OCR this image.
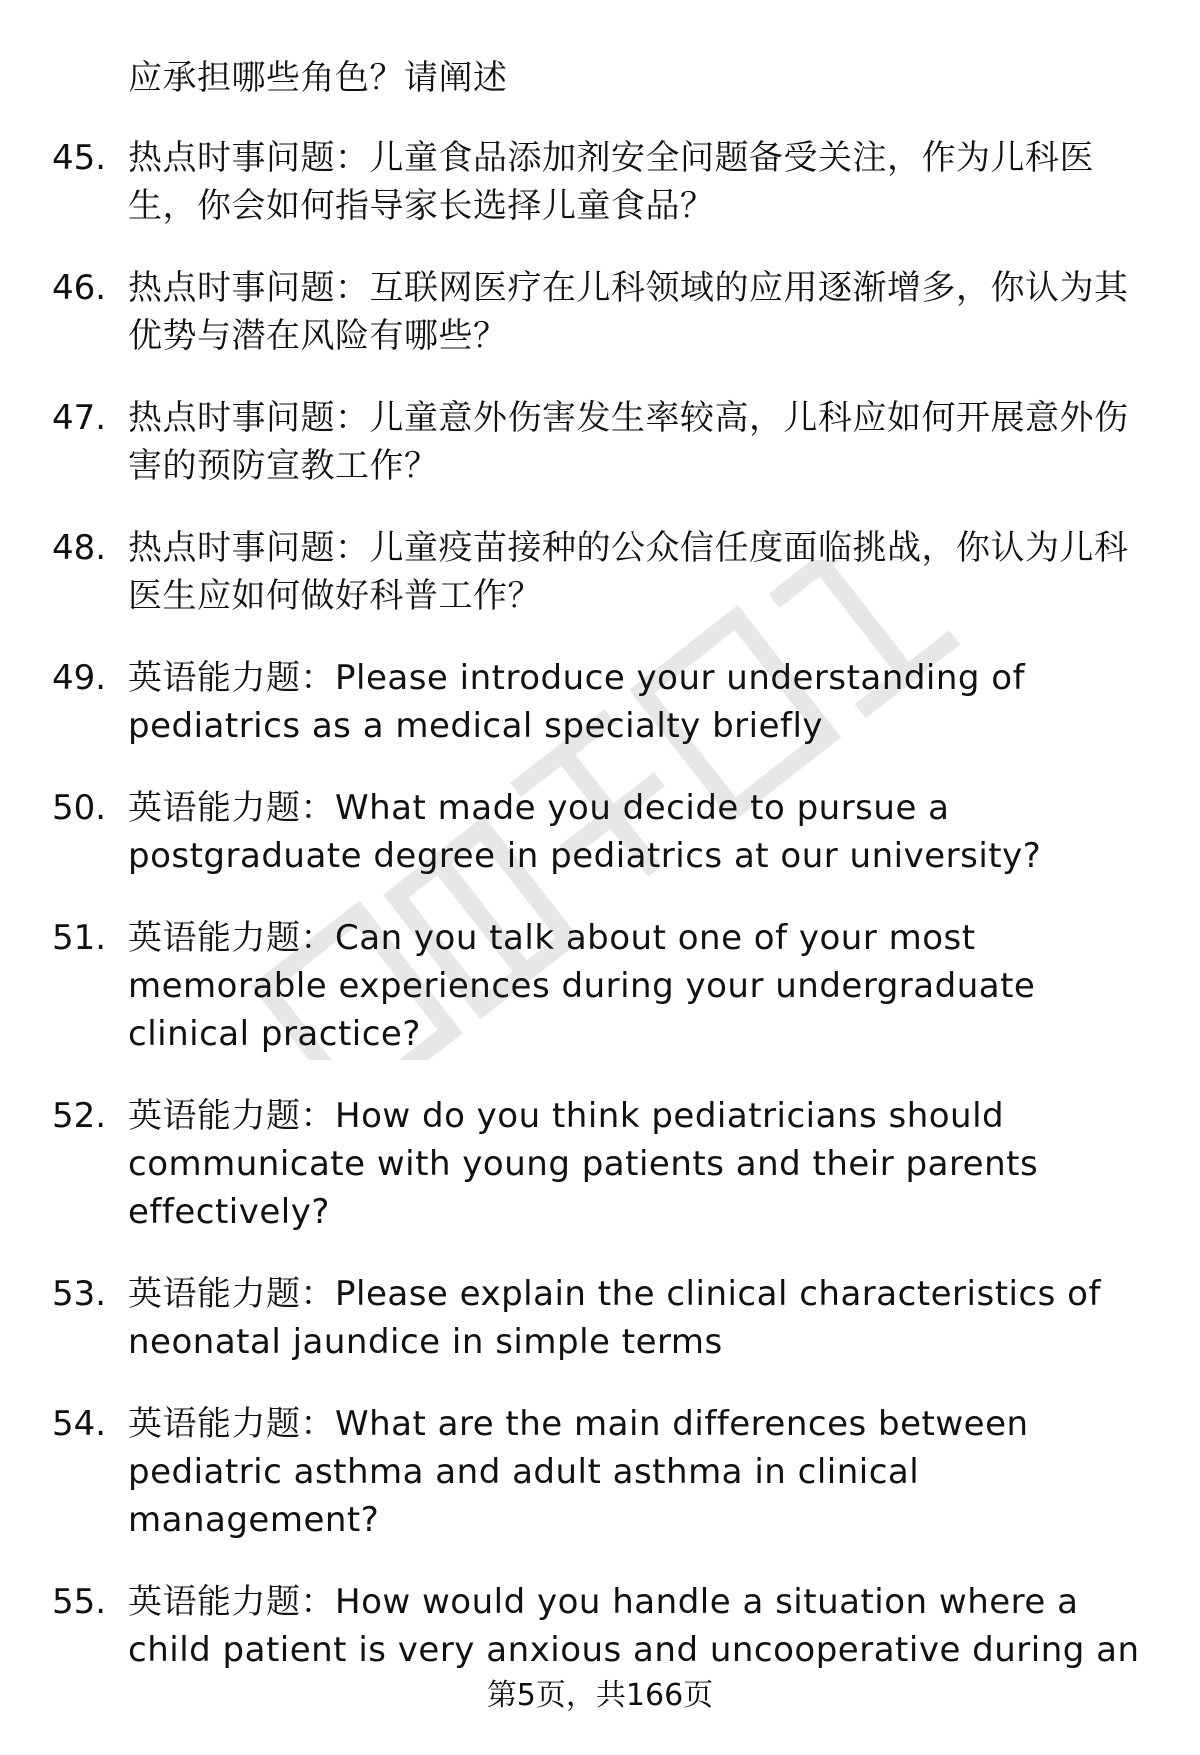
应承担哪些角色？请阐述

45. 热点时事问题：儿童食品添加剂安全问题备受关注，作为儿科医生，你会如何指导家长选择儿童食品？
46. 热点时事问题：互联网医疗在儿科领域的应用逐渐增多，你认为其优势与潜在风险有哪些？
47. 热点时事问题：儿童意外伤害发生率较高，儿科应如何开展意外伤害的预防宣教工作？
48. 热点时事问题：儿童疫苗接种的公众信任度面临挑战，你认为儿科医生应如何做好科普工作？
49. 英语能力题：Please introduce your understanding of pediatrics as a medical specialty briefly
50. 英语能力题：What made you decide to pursue a postgraduate degree in pediatrics at our university?
51. 英语能力题：Can you talk about one of your most memorable experiences during your undergraduate clinical practice?
52. 英语能力题：How do you think pediatricians should communicate with young patients and their parents effectively?
53. 英语能力题：Please explain the clinical characteristics of neonatal jaundice in simple terms
54. 英语能力题：What are the main differences between pediatric asthma and adult asthma in clinical management?
55. 英语能力题：How would you handle a situation where a child patient is very anxious and uncooperative during an
第5页，共166页
